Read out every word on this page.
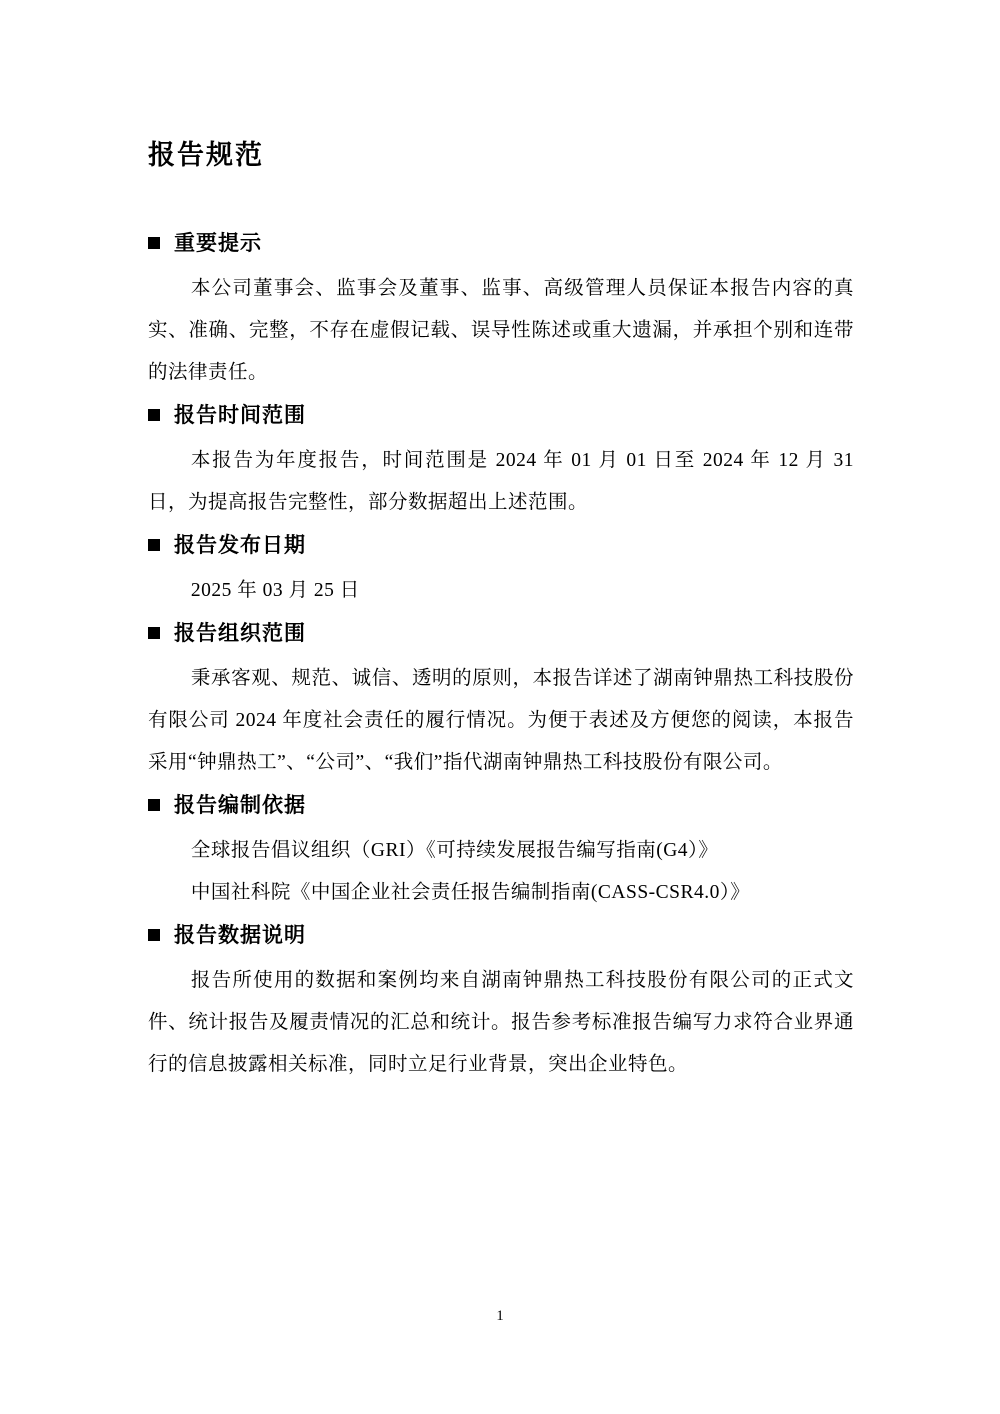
报告规范
重要提示

本公司董事会、监事会及董事、监事、高级管理人员保证本报告内容的真实、准确、完整，不存在虚假记载、误导性陈述或重大遗漏，并承担个别和连带的法律责任。

报告时间范围

本报告为年度报告，时间范围是 2024 年 01 月 01 日至 2024 年 12 月 31 日，为提高报告完整性，部分数据超出上述范围。

报告发布日期

2025 年 03 月 25 日

报告组织范围

秉承客观、规范、诚信、透明的原则，本报告详述了湖南钟鼎热工科技股份有限公司 2024 年度社会责任的履行情况。为便于表述及方便您的阅读，本报告采用“钟鼎热工”、“公司”、“我们”指代湖南钟鼎热工科技股份有限公司。

报告编制依据

全球报告倡议组织（GRI）《可持续发展报告编写指南(G4）》

中国社科院《中国企业社会责任报告编制指南(CASS-CSR4.0）》

报告数据说明

报告所使用的数据和案例均来自湖南钟鼎热工科技股份有限公司的正式文件、统计报告及履责情况的汇总和统计。报告参考标准报告编写力求符合业界通行的信息披露相关标准，同时立足行业背景，突出企业特色。

1
